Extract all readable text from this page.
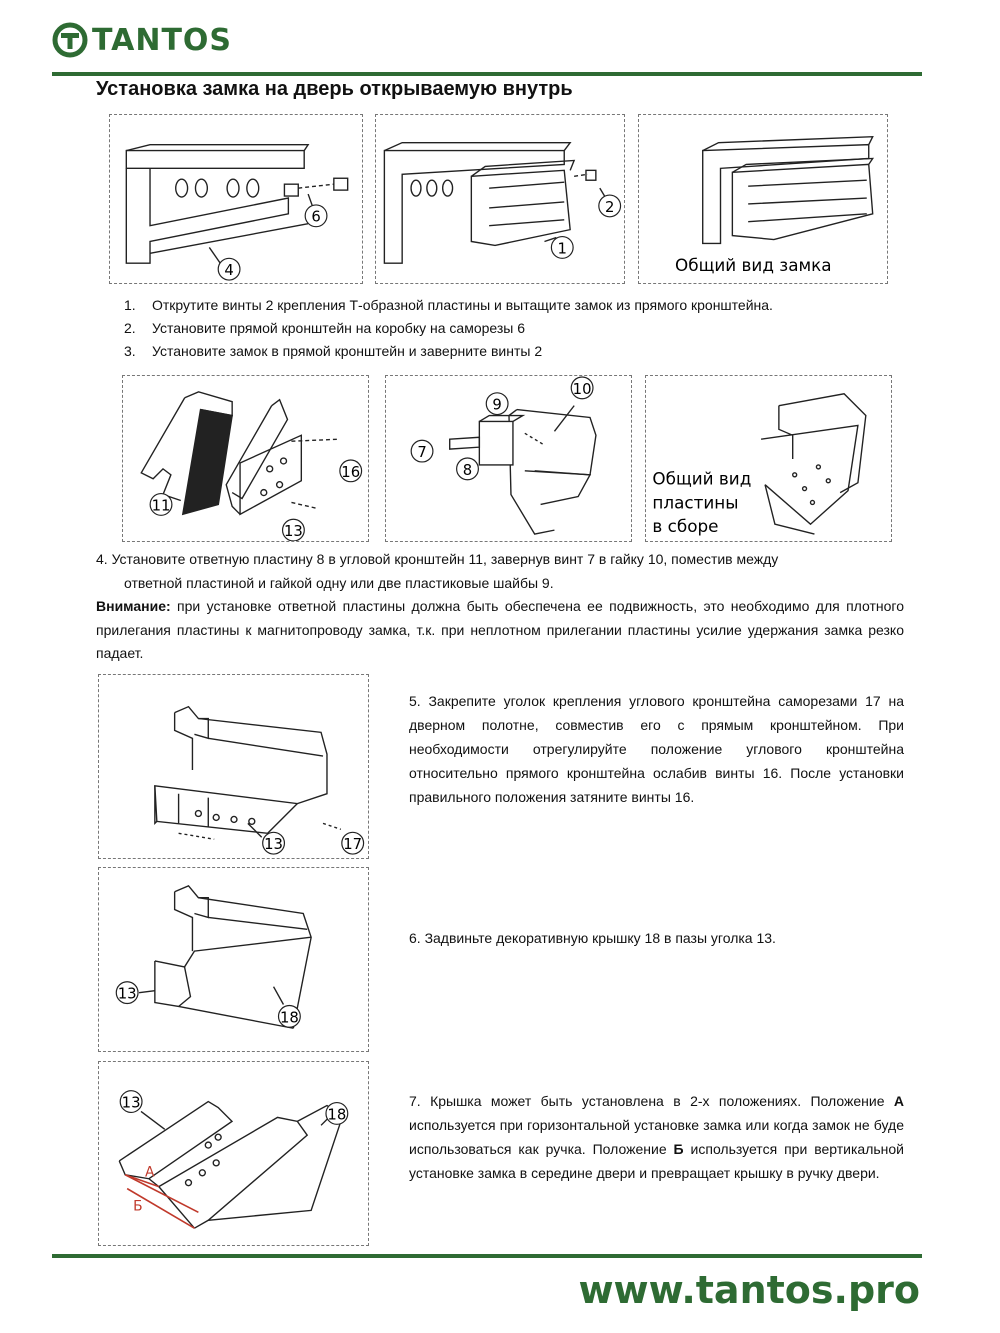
TANTOS
Установка замка на дверь открываемую внутрь
6
4
2
1
Общий вид замка
1. Открутите винты 2 крепления Т-образной пластины и вытащите замок из прямого кронштейна.
2. Установите прямой кронштейн на коробку на саморезы 6
3. Установите замок в прямой кронштейн и заверните винты 2
16
11
13
10
9
7
8	Общий вид
пластины
в сборе
4. Установите ответную пластину 8 в угловой кронштейн 11, завернув винт 7 в гайку 10, поместив между
ответной пластиной и гайкой одну или две пластиковые шайбы 9.
Внимание: при установке ответной пластины должна быть обеспечена ее подвижность, это необходимо для плотного прилегания пластины к магнитопроводу замка, т.к. при неплотном прилегании пластины усилие удержания замка резко падает.
13	17
5. Закрепите уголок крепления углового кронштейна саморезами 17 на дверном полотне, совместив его с прямым кронштейном. При необходимости отрегулируйте положение углового кронштейна относительно прямого кронштейна ослабив винты 16. После установки правильного положения затяните винты 16.
13
18
6. Задвиньте декоративную крышку 18 в пазы уголка 13.
13
18
А
Б
7. Крышка может быть установлена в 2-х положениях. Положение А используется при горизонтальной установке замка или когда замок не буде использоваться как ручка. Положение Б используется при вертикальной установке замка в середине двери и превращает крышку в ручку двери.
www.tantos.pro
